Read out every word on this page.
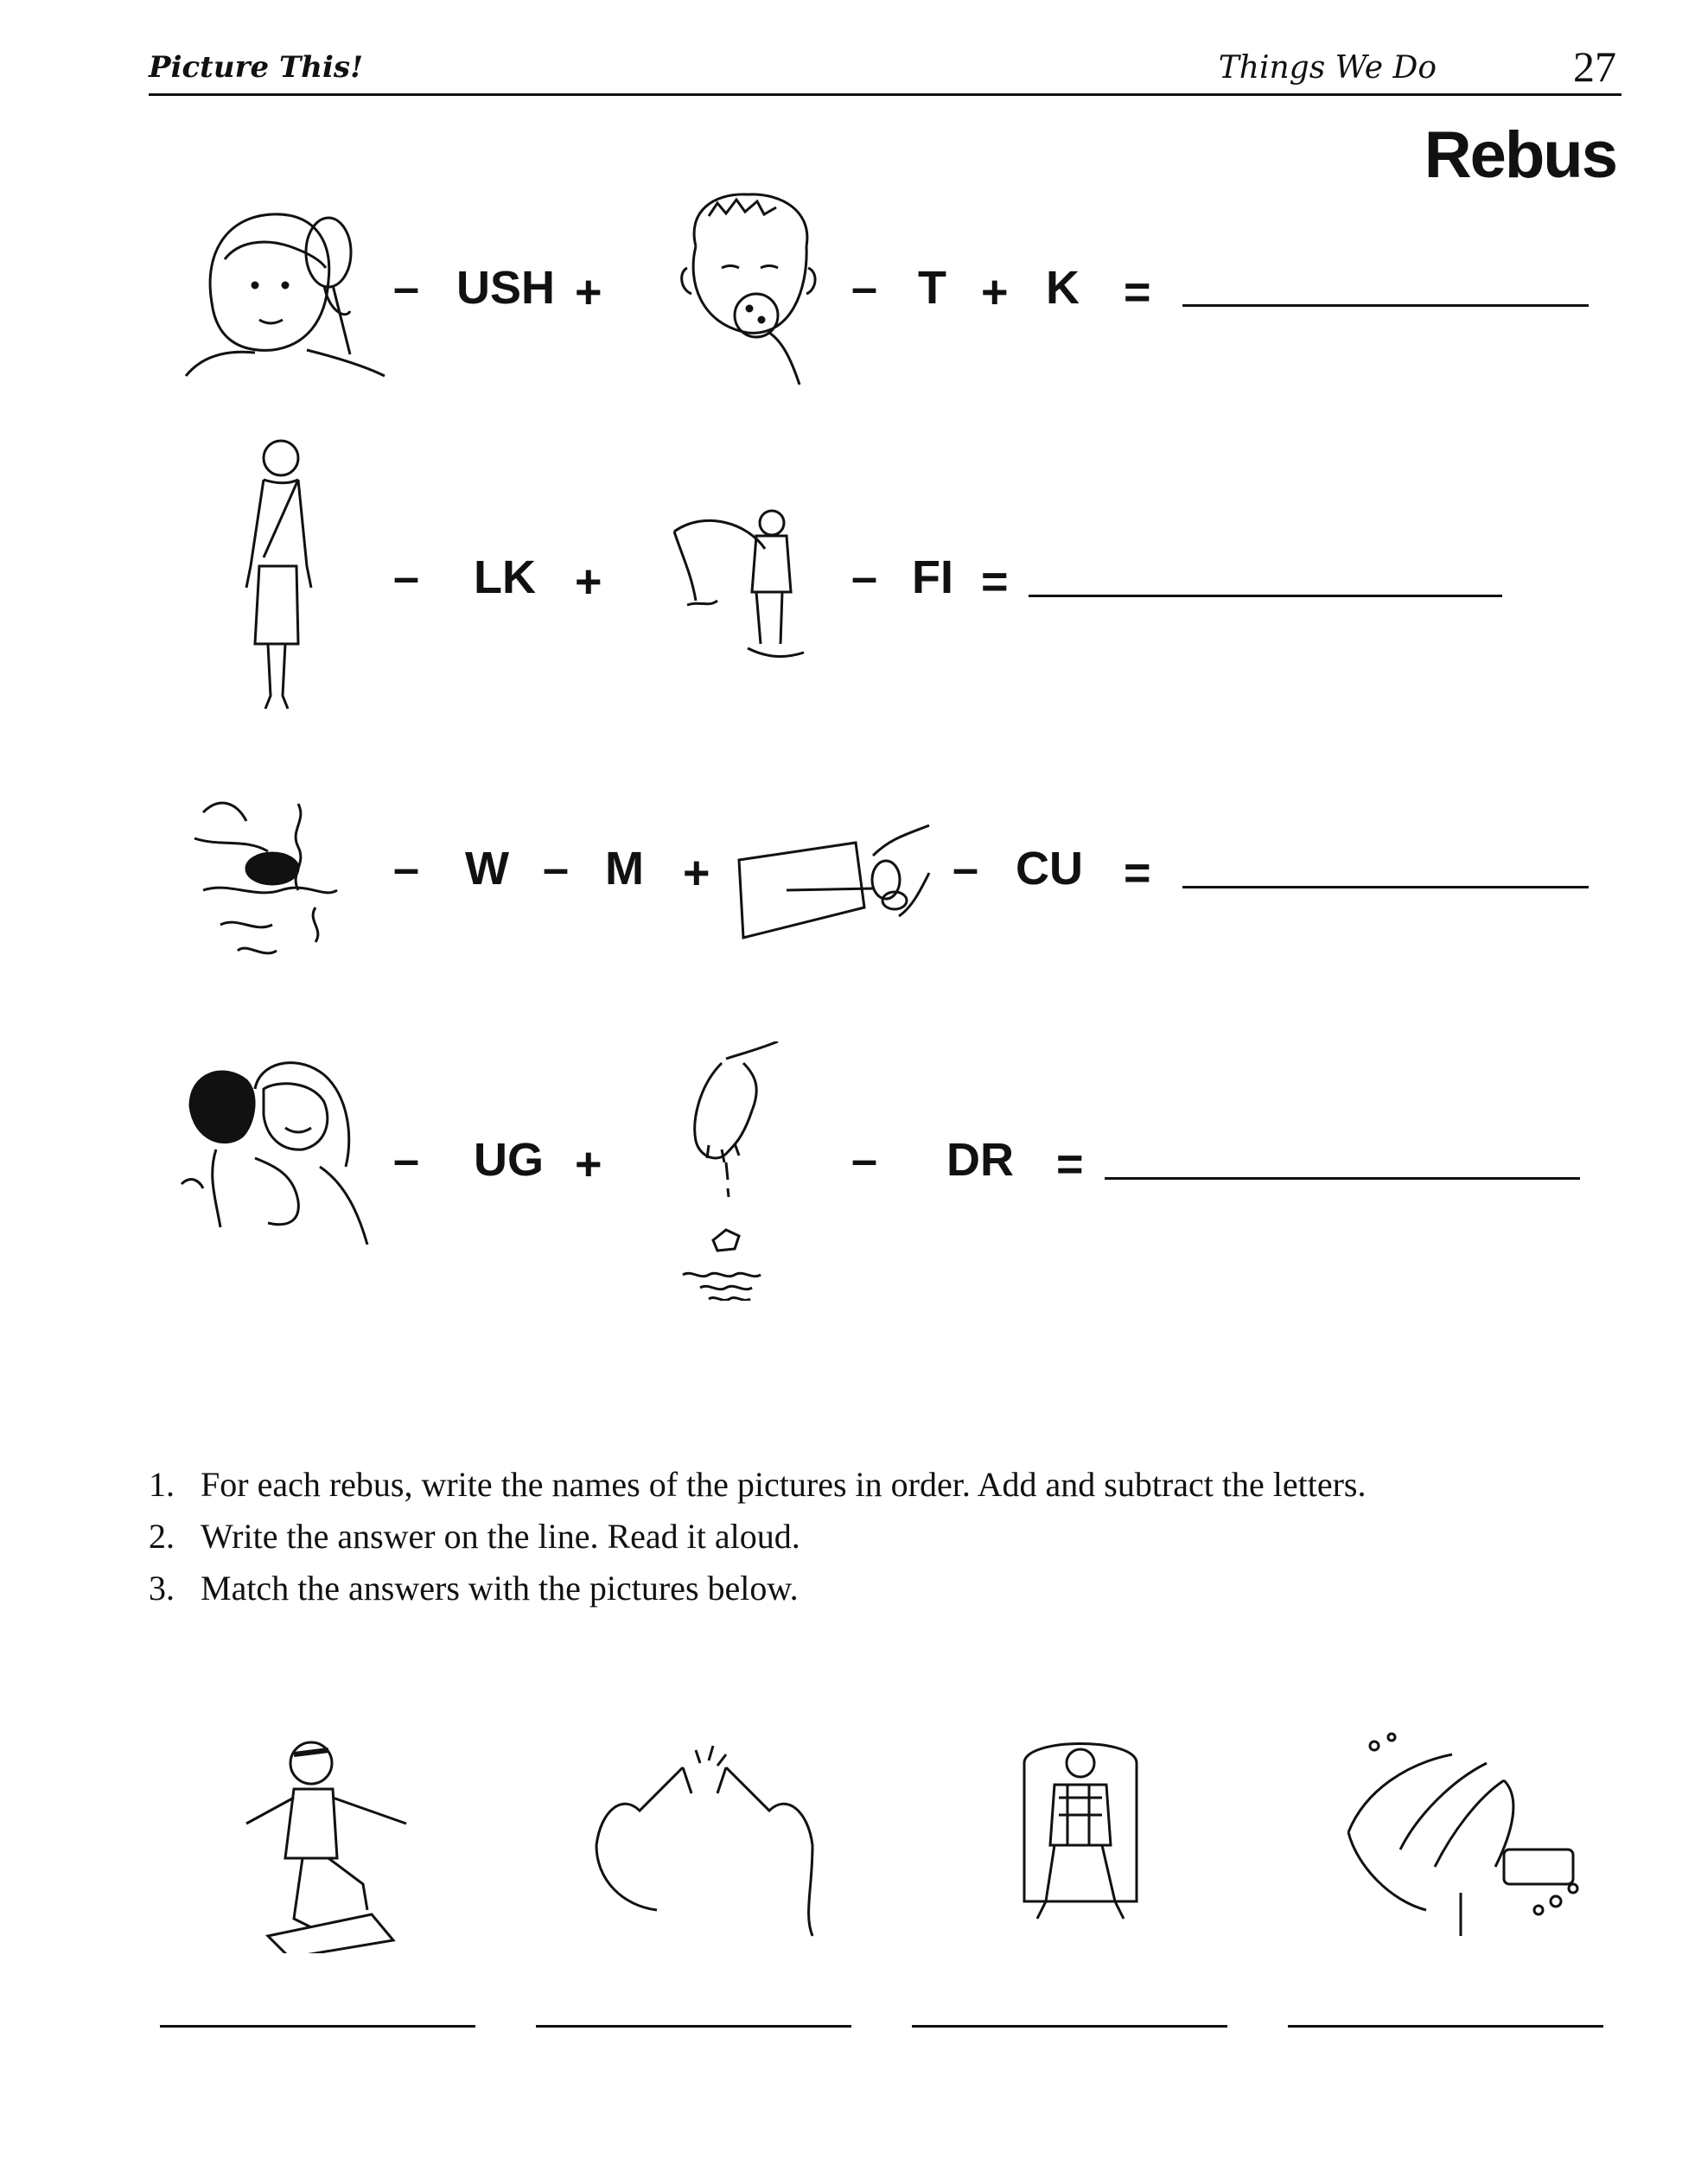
Picture This!	Things We Do	27
Rebus
– USH +	– T + K =
– LK +	– FI =
– W – M +	– CU =
– UG +	– DR =
1. For each rebus, write the names of the pictures in order. Add and subtract the letters.
2. Write the answer on the line. Read it aloud.
3. Match the answers with the pictures below.
